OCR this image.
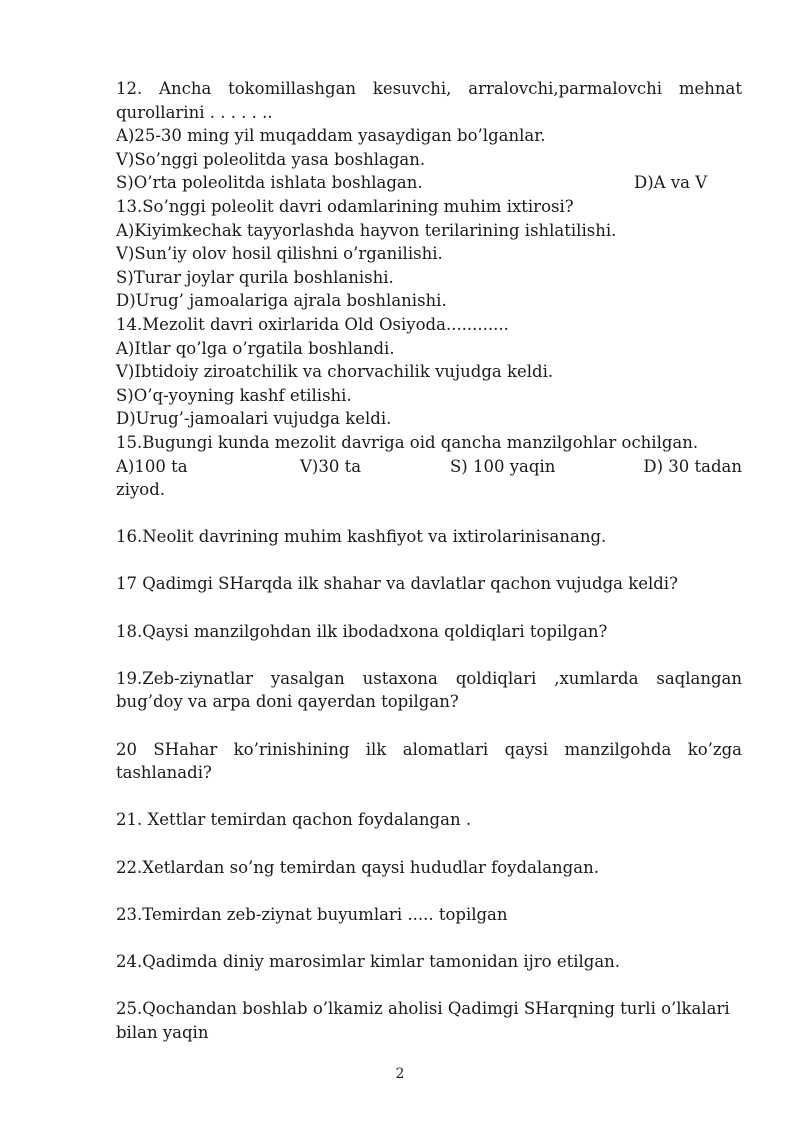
12. Ancha tokomillashgan kesuvchi, arralovchi,parmalovchi mehnat
qurollarini . . . . . ..
A)25-30 ming yil muqaddam yasaydigan bo’lganlar.
V)So’nggi poleolitda yasa boshlagan.
S)O’rta poleolitda ishlata boshlagan.	D)A va V
13.So’nggi poleolit davri odamlarining muhim ixtirosi?
A)Kiyimkechak tayyorlashda hayvon terilarining ishlatilishi.
V)Sun’iy olov hosil qilishni o’rganilishi.
S)Turar joylar qurila boshlanishi.
D)Urug’ jamoalariga ajrala boshlanishi.
14.Mezolit davri oxirlarida Old Osiyoda............
A)Itlar qo’lga o’rgatila boshlandi.
V)Ibtidoiy ziroatchilik va chorvachilik vujudga keldi.
S)O’q-yoyning kashf etilishi.
D)Urug’-jamoalari vujudga keldi.
15.Bugungi kunda mezolit davriga oid qancha manzilgohlar ochilgan.
A)100 ta	V)30 ta	S) 100 yaqin	D) 30 tadan
ziyod.
16.Neolit davrining muhim kashfiyot va ixtirolarinisanang.
17 Qadimgi SHarqda ilk shahar va davlatlar qachon vujudga keldi?
18.Qaysi manzilgohdan ilk ibodadxona qoldiqlari topilgan?
19.Zeb-ziynatlar yasalgan ustaxona qoldiqlari ,xumlarda saqlangan
bug’doy va arpa doni qayerdan topilgan?
20 SHahar ko’rinishining ilk alomatlari qaysi manzilgohda ko’zga
tashlanadi?
21. Xettlar temirdan qachon foydalangan .
22.Xetlardan so’ng temirdan qaysi hududlar foydalangan.
23.Temirdan zeb-ziynat buyumlari ..... topilgan
24.Qadimda diniy marosimlar kimlar tamonidan ijro etilgan.
25.Qochandan boshlab o’lkamiz aholisi Qadimgi SHarqning turli o’lkalari
bilan yaqin
2
